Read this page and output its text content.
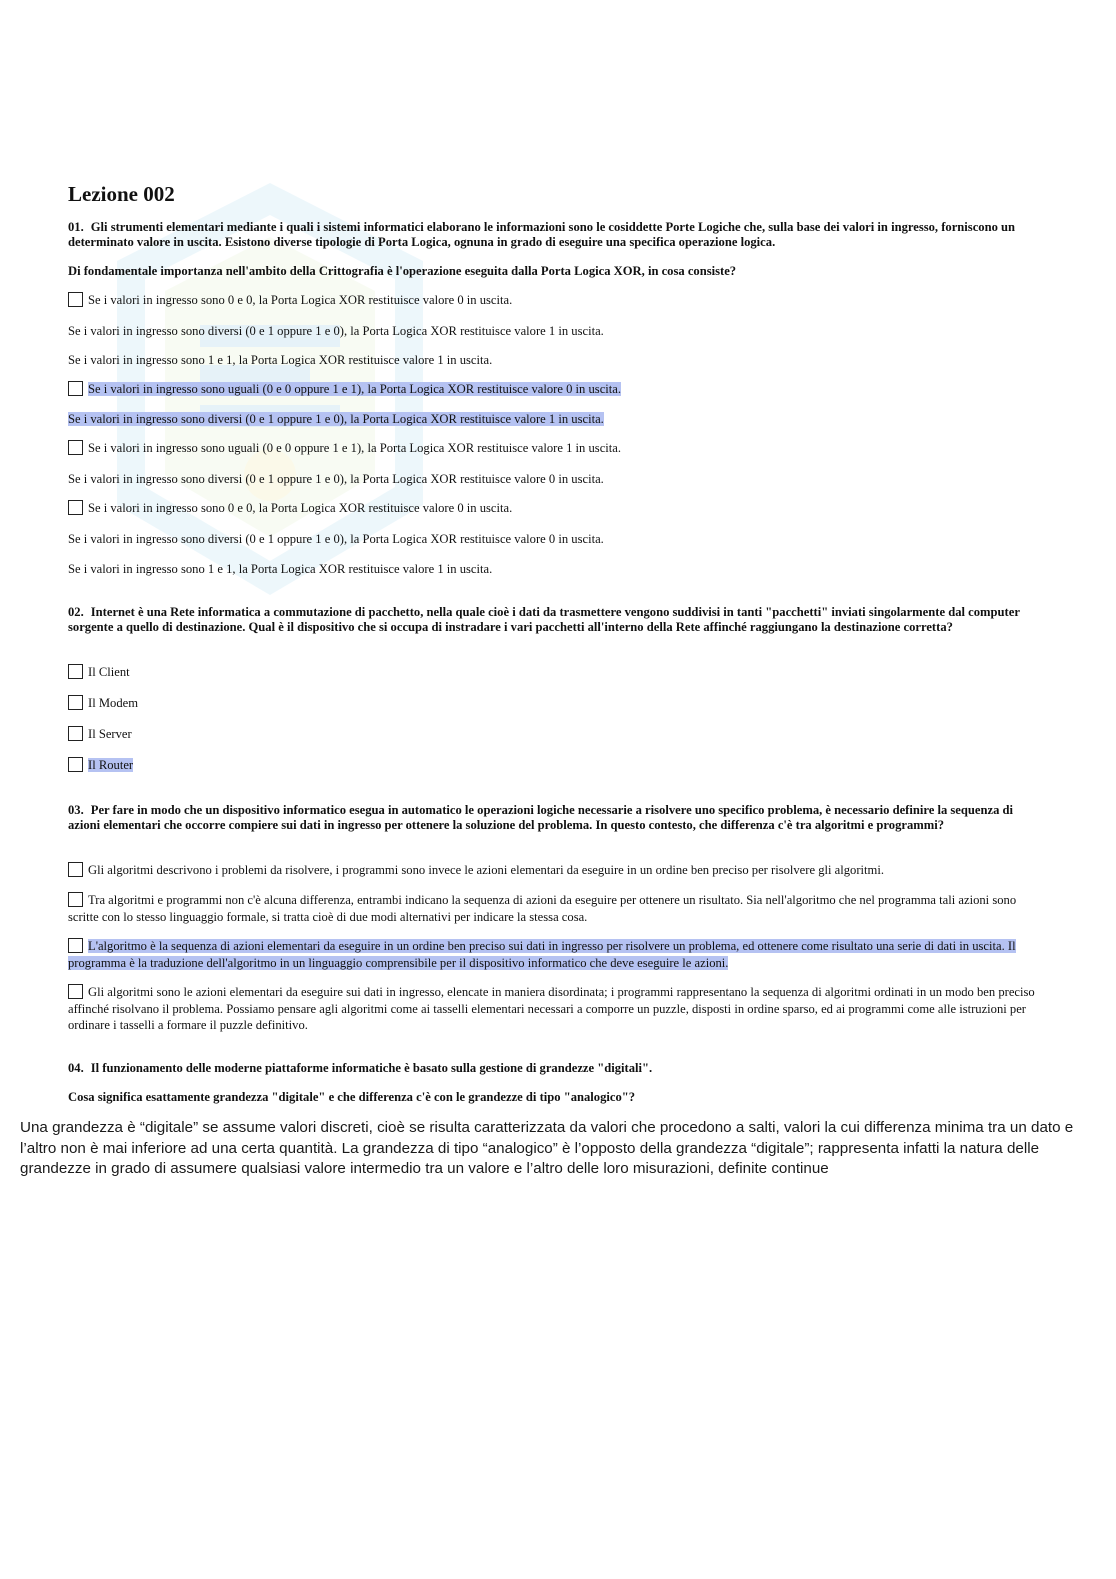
Lezione 002

01. Gli strumenti elementari mediante i quali i sistemi informatici elaborano le informazioni sono le cosiddette Porte Logiche che, sulla base dei valori in ingresso, forniscono un determinato valore in uscita. Esistono diverse tipologie di Porta Logica, ognuna in grado di eseguire una specifica operazione logica.

Di fondamentale importanza nell'ambito della Crittografia è l'operazione eseguita dalla Porta Logica XOR, in cosa consiste?

Se i valori in ingresso sono 0 e 0, la Porta Logica XOR restituisce valore 0 in uscita.

Se i valori in ingresso sono diversi (0 e 1 oppure 1 e 0), la Porta Logica XOR restituisce valore 1 in uscita.

Se i valori in ingresso sono 1 e 1, la Porta Logica XOR restituisce valore 1 in uscita.

Se i valori in ingresso sono uguali (0 e 0 oppure 1 e 1), la Porta Logica XOR restituisce valore 0 in uscita.

Se i valori in ingresso sono diversi (0 e 1 oppure 1 e 0), la Porta Logica XOR restituisce valore 1 in uscita.

Se i valori in ingresso sono uguali (0 e 0 oppure 1 e 1), la Porta Logica XOR restituisce valore 1 in uscita.

Se i valori in ingresso sono diversi (0 e 1 oppure 1 e 0), la Porta Logica XOR restituisce valore 0 in uscita.

Se i valori in ingresso sono 0 e 0, la Porta Logica XOR restituisce valore 0 in uscita.

Se i valori in ingresso sono diversi (0 e 1 oppure 1 e 0), la Porta Logica XOR restituisce valore 0 in uscita.

Se i valori in ingresso sono 1 e 1, la Porta Logica XOR restituisce valore 1 in uscita.

02. Internet è una Rete informatica a commutazione di pacchetto, nella quale cioè i dati da trasmettere vengono suddivisi in tanti "pacchetti" inviati singolarmente dal computer sorgente a quello di destinazione. Qual è il dispositivo che si occupa di instradare i vari pacchetti all'interno della Rete affinché raggiungano la destinazione corretta?

Il Client

Il Modem

Il Server

Il Router

03. Per fare in modo che un dispositivo informatico esegua in automatico le operazioni logiche necessarie a risolvere uno specifico problema, è necessario definire la sequenza di azioni elementari che occorre compiere sui dati in ingresso per ottenere la soluzione del problema. In questo contesto, che differenza c'è tra algoritmi e programmi?

Gli algoritmi descrivono i problemi da risolvere, i programmi sono invece le azioni elementari da eseguire in un ordine ben preciso per risolvere gli algoritmi.

Tra algoritmi e programmi non c'è alcuna differenza, entrambi indicano la sequenza di azioni da eseguire per ottenere un risultato. Sia nell'algoritmo che nel programma tali azioni sono scritte con lo stesso linguaggio formale, si tratta cioè di due modi alternativi per indicare la stessa cosa.

L'algoritmo è la sequenza di azioni elementari da eseguire in un ordine ben preciso sui dati in ingresso per risolvere un problema, ed ottenere come risultato una serie di dati in uscita. Il programma è la traduzione dell'algoritmo in un linguaggio comprensibile per il dispositivo informatico che deve eseguire le azioni.

Gli algoritmi sono le azioni elementari da eseguire sui dati in ingresso, elencate in maniera disordinata; i programmi rappresentano la sequenza di algoritmi ordinati in un modo ben preciso affinché risolvano il problema. Possiamo pensare agli algoritmi come ai tasselli elementari necessari a comporre un puzzle, disposti in ordine sparso, ed ai programmi come alle istruzioni per ordinare i tasselli a formare il puzzle definitivo.

04. Il funzionamento delle moderne piattaforme informatiche è basato sulla gestione di grandezze "digitali".

Cosa significa esattamente grandezza "digitale" e che differenza c'è con le grandezze di tipo "analogico"?

Una grandezza è “digitale” se assume valori discreti, cioè se risulta caratterizzata da valori che procedono a salti, valori la cui differenza minima tra un dato e l’altro non è mai inferiore ad una certa quantità. La grandezza di tipo “analogico” è l’opposto della grandezza “digitale”; rappresenta infatti la natura delle grandezze in grado di assumere qualsiasi valore intermedio tra un valore e l’altro delle loro misurazioni, definite continue
